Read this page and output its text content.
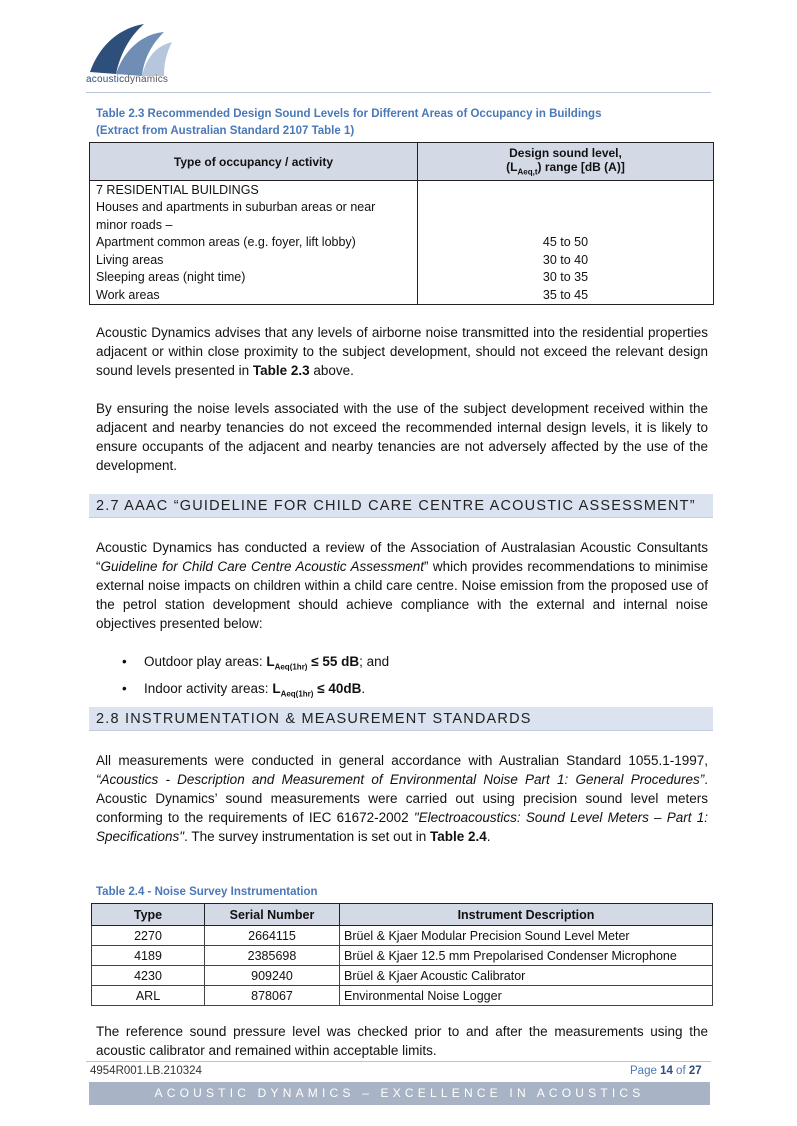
acousticdynamics
Table 2.3 Recommended Design Sound Levels for Different Areas of Occupancy in Buildings
(Extract from Australian Standard 2107 Table 1)
Type of occupancy / activity	Design sound level,
$(L_{Aeq,t})$ range [dB (A)]

7 RESIDENTIAL BUILDINGS	
Houses and apartments in suburban areas or near	
minor roads –	
Apartment common areas (e.g. foyer, lift lobby)	45 to 50
Living areas	30 to 40
Sleeping areas (night time)	30 to 35
Work areas	35 to 45
Acoustic Dynamics advises that any levels of airborne noise transmitted into the residential properties adjacent or within close proximity to the subject development, should not exceed the relevant design sound levels presented in Table 2.3 above.
By ensuring the noise levels associated with the use of the subject development received within the adjacent and nearby tenancies do not exceed the recommended internal design levels, it is likely to ensure occupants of the adjacent and nearby tenancies are not adversely affected by the use of the development.
2.7 AAAC “GUIDELINE FOR CHILD CARE CENTRE ACOUSTIC ASSESSMENT”
Acoustic Dynamics has conducted a review of the Association of Australasian Acoustic Consultants “Guideline for Child Care Centre Acoustic Assessment” which provides recommendations to minimise external noise impacts on children within a child care centre. Noise emission from the proposed use of the petrol station development should achieve compliance with the external and internal noise objectives presented below:
• Outdoor play areas: $L_{Aeq(1hr)} \le 55$ dB; and
• Indoor activity areas: $L_{Aeq(1hr)} \le 40dB$.
2.8 INSTRUMENTATION & MEASUREMENT STANDARDS
All measurements were conducted in general accordance with Australian Standard 1055.1-1997, “Acoustics - Description and Measurement of Environmental Noise Part 1: General Procedures”. Acoustic Dynamics’ sound measurements were carried out using precision sound level meters conforming to the requirements of IEC 61672-2002 "Electroacoustics: Sound Level Meters – Part 1: Specifications". The survey instrumentation is set out in Table 2.4.
Table 2.4 - Noise Survey Instrumentation
Type	Serial Number	Instrument Description
2270	2664115	Brüel & Kjaer Modular Precision Sound Level Meter
4189	2385698	Brüel & Kjaer 12.5 mm Prepolarised Condenser Microphone
4230	909240	Brüel & Kjaer Acoustic Calibrator
ARL	878067	Environmental Noise Logger
The reference sound pressure level was checked prior to and after the measurements using the acoustic calibrator and remained within acceptable limits.
4954R001.LB.210324	Page 14 of 27
ACOUSTIC DYNAMICS – EXCELLENCE IN ACOUSTICS
